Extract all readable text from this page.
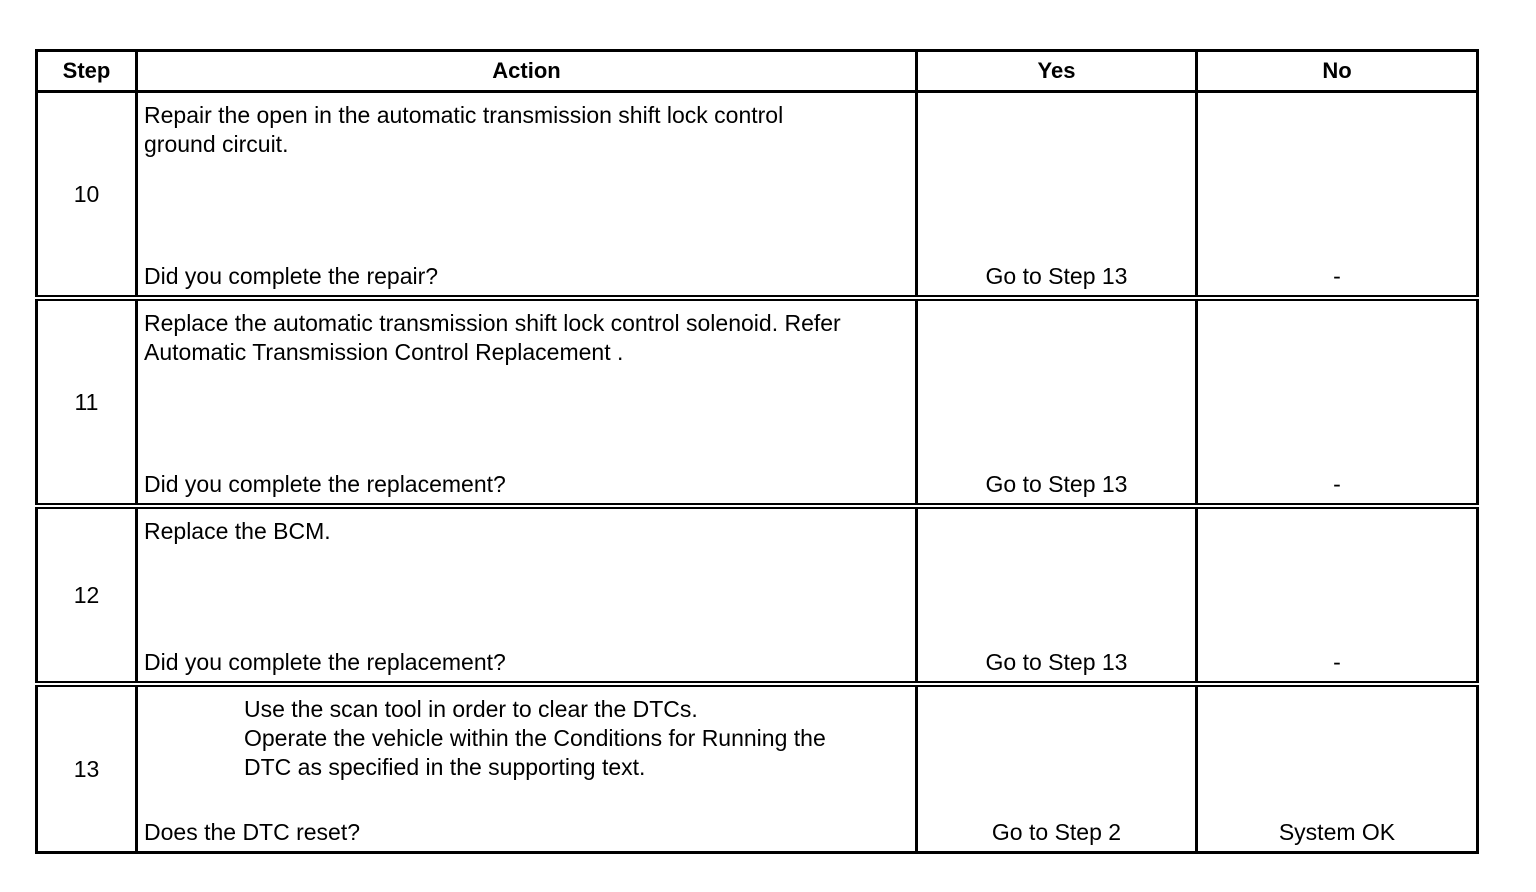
Step	Action	Yes	No
10	Repair the open in the automatic transmission shift lock control
ground circuit.
Did you complete the repair?	Go to Step 13	-
11	Replace the automatic transmission shift lock control solenoid. Refer
Automatic Transmission Control Replacement .
Did you complete the replacement?	Go to Step 13	-
12	Replace the BCM.
Did you complete the replacement?	Go to Step 13	-
13	Use the scan tool in order to clear the DTCs.
Operate the vehicle within the Conditions for Running the
DTC as specified in the supporting text.
Does the DTC reset?	Go to Step 2	System OK
